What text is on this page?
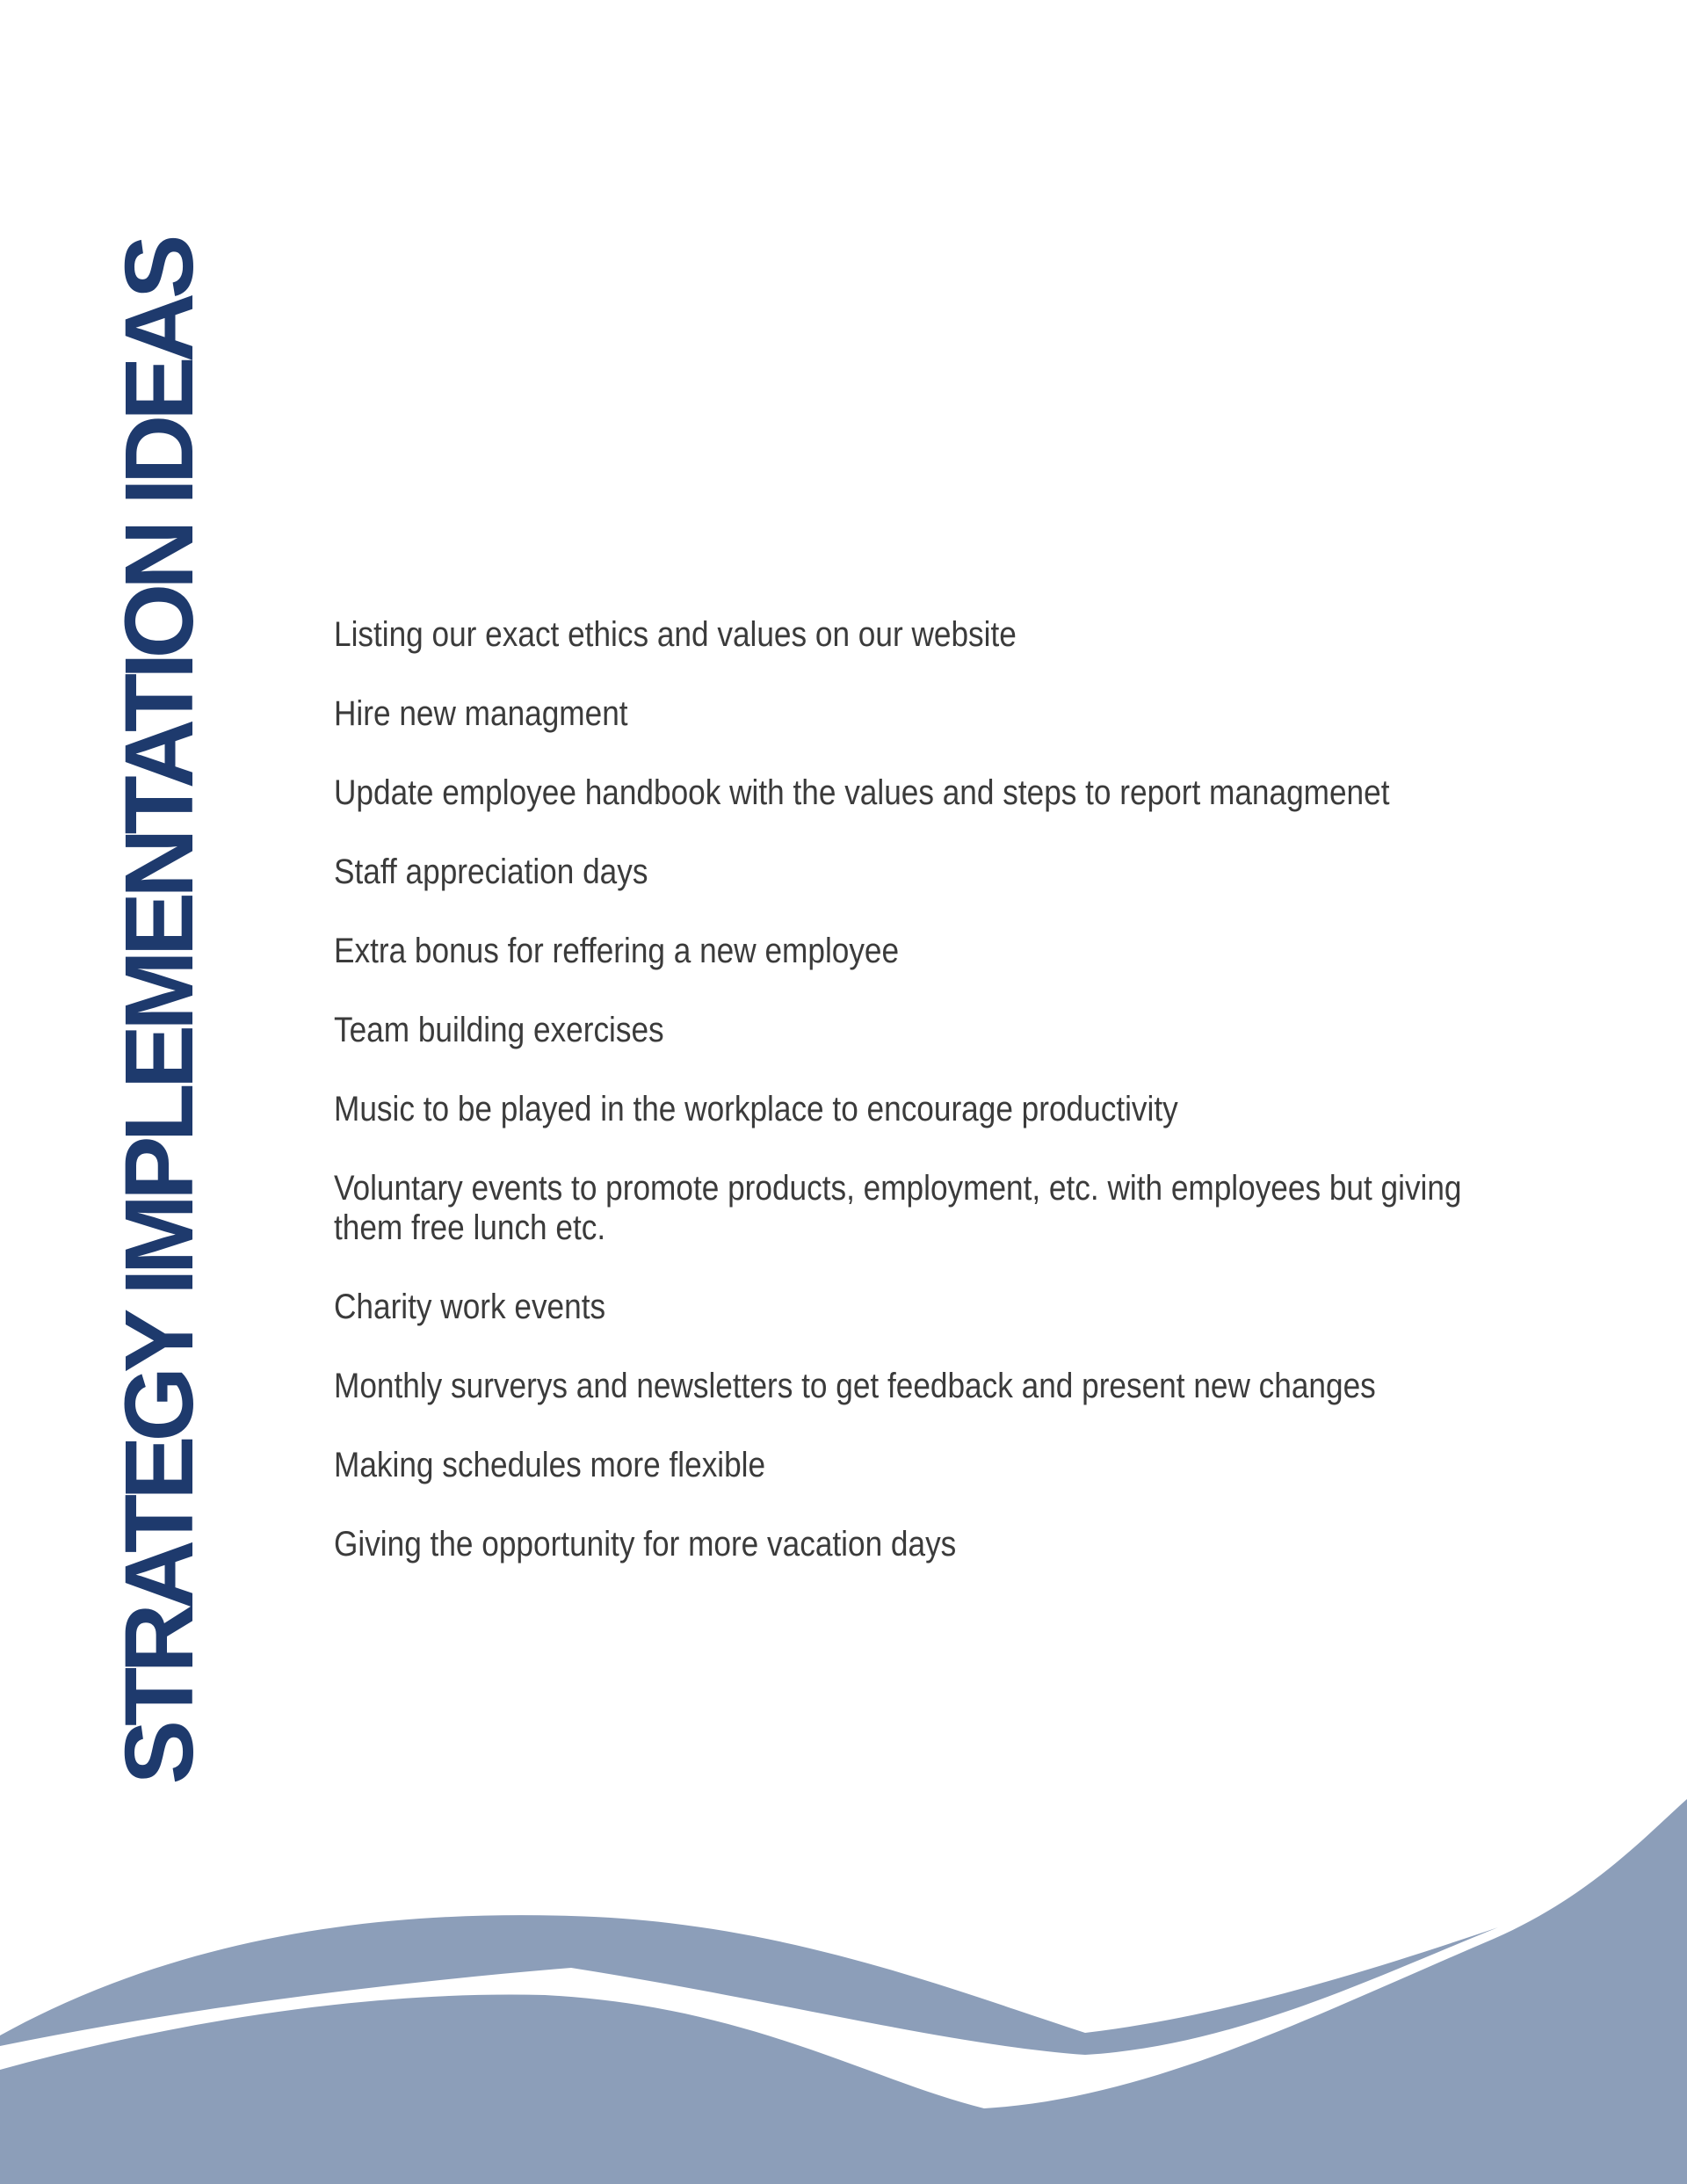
STRATEGY IMPLEMENTATION IDEAS	Listing our exact ethics and values on our website

Hire new managment

Update employee handbook with the values and steps to report managmenet

Staff appreciation days

Extra bonus for reffering a new employee

Team building exercises

Music to be played in the workplace to encourage productivity

Voluntary events to promote products, employment, etc. with employees but giving them free lunch etc.

Charity work events

Monthly surverys and newsletters to get feedback and present new changes

Making schedules more flexible

Giving the opportunity for more vacation days
